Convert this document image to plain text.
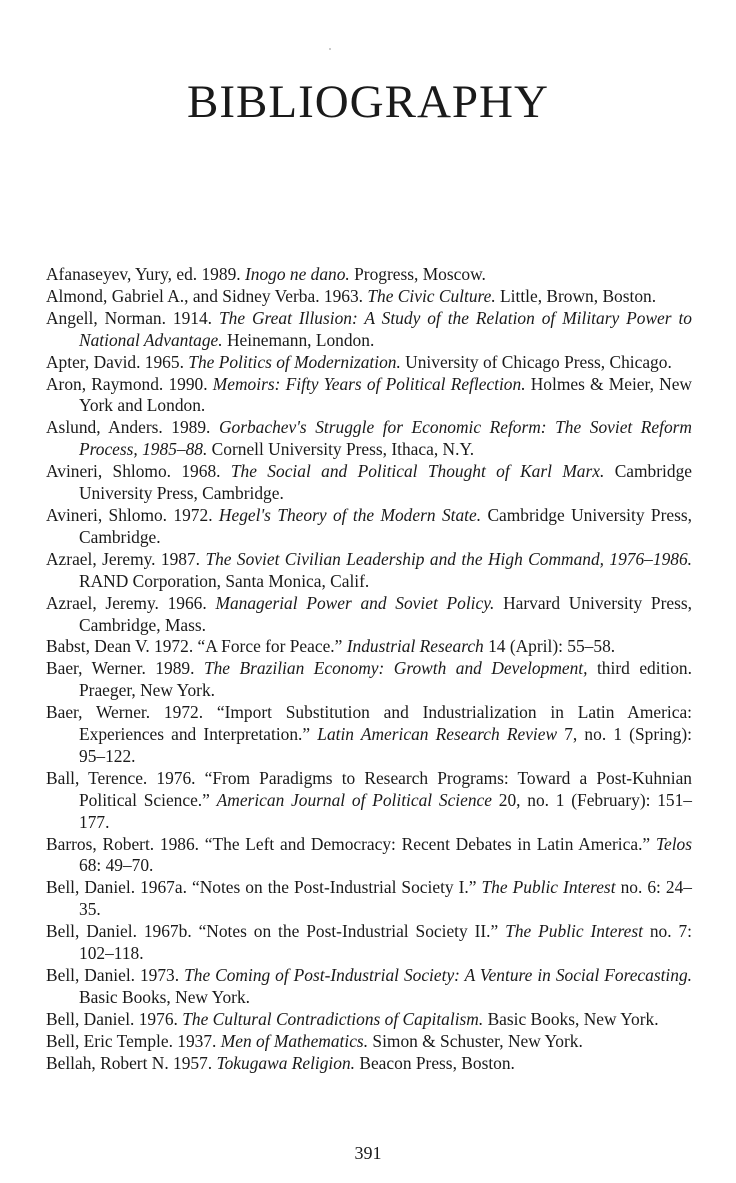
BIBLIOGRAPHY
Afanaseyev, Yury, ed. 1989. Inogo ne dano. Progress, Moscow.
Almond, Gabriel A., and Sidney Verba. 1963. The Civic Culture. Little, Brown, Boston.
Angell, Norman. 1914. The Great Illusion: A Study of the Relation of Military Power to National Advantage. Heinemann, London.
Apter, David. 1965. The Politics of Modernization. University of Chicago Press, Chicago.
Aron, Raymond. 1990. Memoirs: Fifty Years of Political Reflection. Holmes & Meier, New York and London.
Aslund, Anders. 1989. Gorbachev's Struggle for Economic Reform: The Soviet Reform Process, 1985–88. Cornell University Press, Ithaca, N.Y.
Avineri, Shlomo. 1968. The Social and Political Thought of Karl Marx. Cambridge University Press, Cambridge.
Avineri, Shlomo. 1972. Hegel's Theory of the Modern State. Cambridge University Press, Cambridge.
Azrael, Jeremy. 1987. The Soviet Civilian Leadership and the High Command, 1976–1986. RAND Corporation, Santa Monica, Calif.
Azrael, Jeremy. 1966. Managerial Power and Soviet Policy. Harvard University Press, Cambridge, Mass.
Babst, Dean V. 1972. “A Force for Peace.” Industrial Research 14 (April): 55–58.
Baer, Werner. 1989. The Brazilian Economy: Growth and Development, third edition. Praeger, New York.
Baer, Werner. 1972. “Import Substitution and Industrialization in Latin America: Experiences and Interpretation.” Latin American Research Review 7, no. 1 (Spring): 95–122.
Ball, Terence. 1976. “From Paradigms to Research Programs: Toward a Post-Kuhnian Political Science.” American Journal of Political Science 20, no. 1 (February): 151–177.
Barros, Robert. 1986. “The Left and Democracy: Recent Debates in Latin America.” Telos 68: 49–70.
Bell, Daniel. 1967a. “Notes on the Post-Industrial Society I.” The Public Interest no. 6: 24–35.
Bell, Daniel. 1967b. “Notes on the Post-Industrial Society II.” The Public Interest no. 7: 102–118.
Bell, Daniel. 1973. The Coming of Post-Industrial Society: A Venture in Social Forecasting. Basic Books, New York.
Bell, Daniel. 1976. The Cultural Contradictions of Capitalism. Basic Books, New York.
Bell, Eric Temple. 1937. Men of Mathematics. Simon & Schuster, New York.
Bellah, Robert N. 1957. Tokugawa Religion. Beacon Press, Boston.
391
